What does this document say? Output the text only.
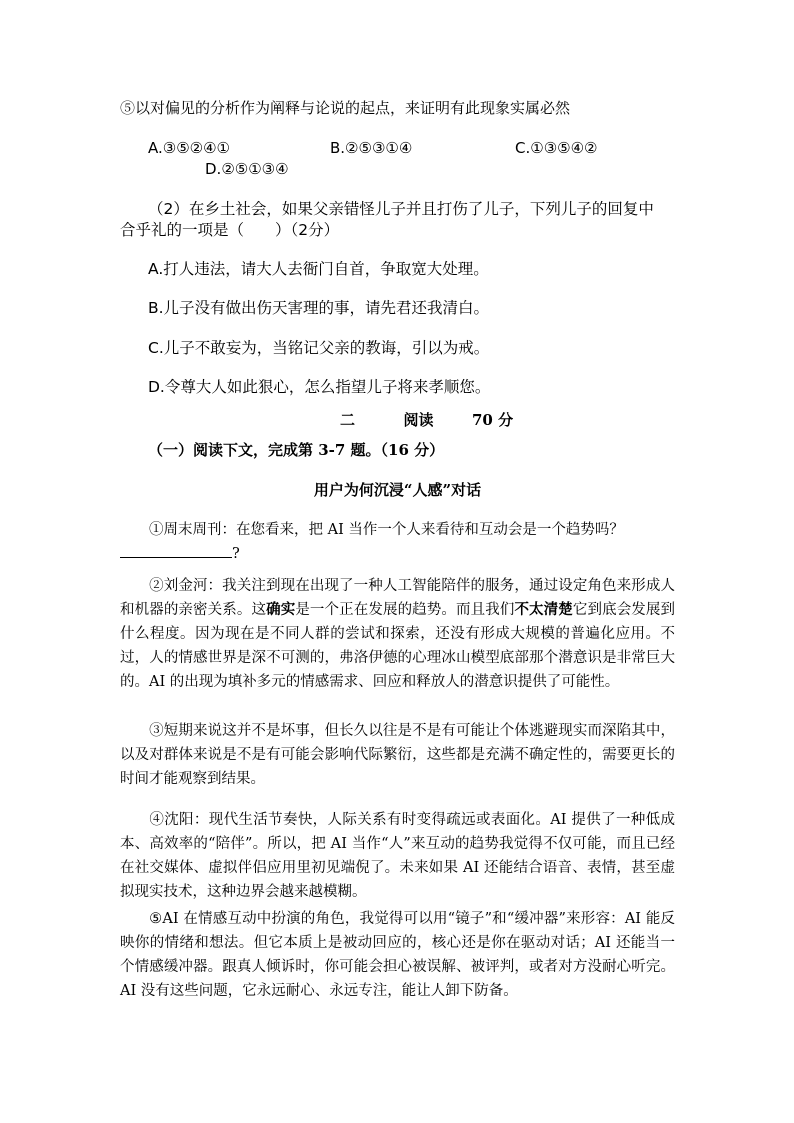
⑤以对偏见的分析作为阐释与论说的起点，来证明有此现象实属必然
A.③⑤②④①	B.②⑤③①④	C.①③⑤④②
D.②⑤①③④
（2）在乡土社会，如果父亲错怪儿子并且打伤了儿子，下列儿子的回复中
合乎礼的一项是（　　）（2分）
A.打人违法，请大人去衙门自首，争取宽大处理。
B.儿子没有做出伤天害理的事，请先君还我清白。
C.儿子不敢妄为，当铭记父亲的教诲，引以为戒。
D.令尊大人如此狠心，怎么指望儿子将来孝顺您。
二	阅读	70 分
（一）阅读下文，完成第 3-7 题。（16 分）
用户为何沉浸“人感”对话
①周末周刊：在您看来，把 AI 当作一个人来看待和互动会是一个趋势吗？
?
②刘金河：我关注到现在出现了一种人工智能陪伴的服务，通过设定角色来形成人和机器的亲密关系。这确实是一个正在发展的趋势。而且我们不太清楚它到底会发展到什么程度。因为现在是不同人群的尝试和探索，还没有形成大规模的普遍化应用。不过，人的情感世界是深不可测的，弗洛伊德的心理冰山模型底部那个潜意识是非常巨大的。AI 的出现为填补多元的情感需求、回应和释放人的潜意识提供了可能性。
③短期来说这并不是坏事，但长久以往是不是有可能让个体逃避现实而深陷其中，以及对群体来说是不是有可能会影响代际繁衍，这些都是充满不确定性的，需要更长的时间才能观察到结果。
④沈阳：现代生活节奏快，人际关系有时变得疏远或表面化。AI 提供了一种低成本、高效率的“陪伴”。所以，把 AI 当作“人”来互动的趋势我觉得不仅可能，而且已经在社交媒体、虚拟伴侣应用里初见端倪了。未来如果 AI 还能结合语音、表情，甚至虚拟现实技术，这种边界会越来越模糊。
⑤AI 在情感互动中扮演的角色，我觉得可以用“镜子”和“缓冲器”来形容：AI 能反映你的情绪和想法。但它本质上是被动回应的，核心还是你在驱动对话；AI 还能当一个情感缓冲器。跟真人倾诉时，你可能会担心被误解、被评判，或者对方没耐心听完。AI 没有这些问题，它永远耐心、永远专注，能让人卸下防备。
